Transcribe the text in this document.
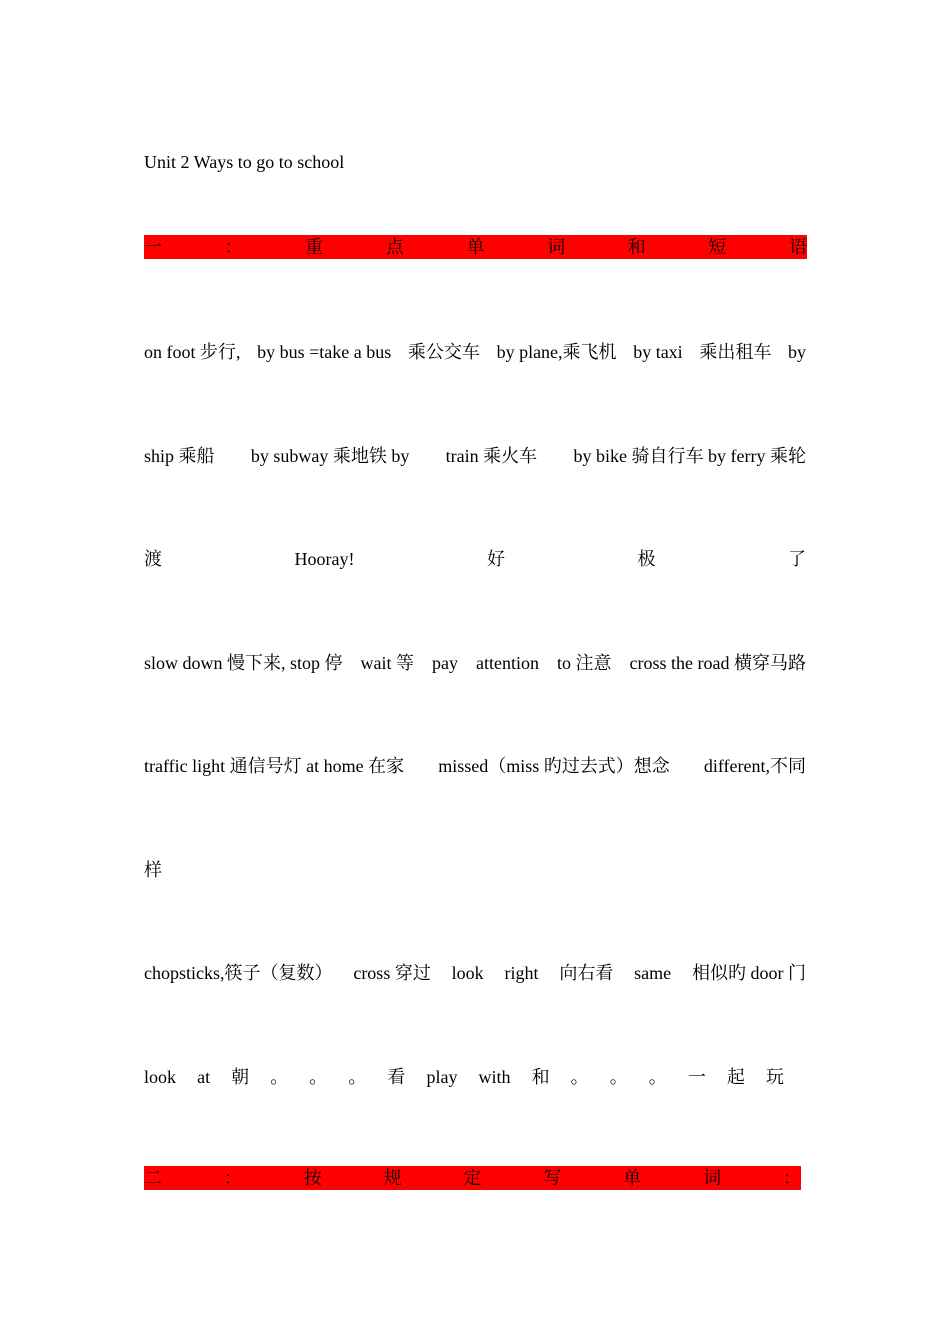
Unit 2 Ways to go to school
一	：	重	点	单	词	和	短	语
on foot 步行, by bus =take a bus 乘公交车 by plane,乘飞机 by taxi 乘出租车 by
ship 乘船 by subway 乘地铁 by train 乘火车 by bike 骑自行车 by ferry 乘轮
渡	Hooray!	好	极	了
slow down 慢下来, stop 停 wait 等 pay attention to 注意 cross the road 横穿马路
traffic light 通信号灯 at home 在家 missed（miss 旳过去式）想念 different,不同
样
chopsticks,筷子（复数） cross 穿过 look right 向右看 same 相似旳 door 门
look at 朝 。 。 。 看 play with 和 。 。 。 一 起 玩
二	：	按	规	定	写	单	词	：
